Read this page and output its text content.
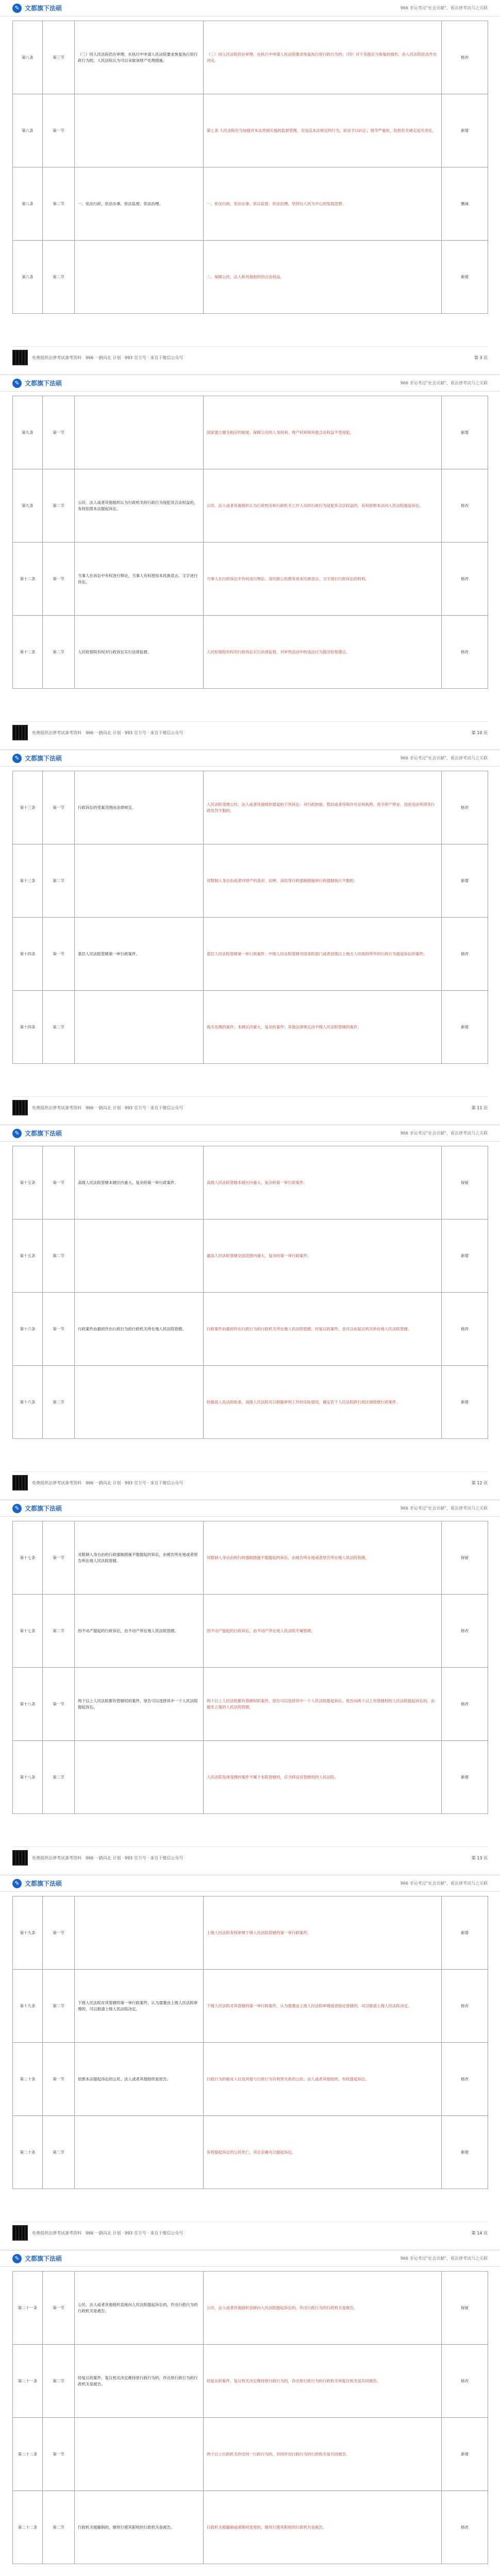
✎ 文都旗下法硕	966 幸运考过"社会贡献"，看法律考试与之关联
第八条	第三节	（三）因人民法院仍在审理，在执行中申请人民法院要求恢复执行原行政行为的，人民法院认为可以采取该财产处理措施。	（三）因人民法院仍在审理，在执行中申请人民法院要求恢复执行原行政行为的；（四）对于其他应当恢复的情形，由人民法院依法作出决定。	修改
第八条	第一节		第七条 人民法院应当加强对本法贯彻实施的监督管理，对违反本法规定的行为，依法予以纠正；情节严重的，依照有关规定追究责任。	新增
第八条	第二节	一、依法行政，依法办事，依法监督，依法治理。	一、依法行政、依法办事、依法监督、依法治理，坚持以人民为中心的发展思想。	删减
第八条	第二节		二、保障公民、法人和其他组织的合法权益。	新增
免费提供法律考试备考资料 966 一路向北 计划 · 993 官方号 · 来自于微信公众号	第 3 页
✎ 文都旗下法硕	966 幸运考过"社会贡献"，看法律考试与之关联
第九条	第一节		国家建立健全相应的制度，保障公民的人身权利、财产权利和其他合法权益不受侵犯。	新增
第九条	第二节	公民、法人或者其他组织认为行政机关的行政行为侵犯其合法权益的，有权依照本法提起诉讼。	公民、法人或者其他组织认为行政机关和行政机关工作人员的行政行为侵犯其合法权益的，有权依照本法向人民法院提起诉讼。	修改
第十二条	第一节	当事人在诉讼中有权进行辩论，当事人有权使用本民族语言、文字进行诉讼。	当事人在行政诉讼中有权进行辩论。各民族公民都有用本民族语言、文字进行行政诉讼的权利。	修改
第十二条	第二节	人民检察院有权对行政诉讼实行法律监督。	人民检察院有权对行政诉讼实行法律监督，对审判活动中的违法行为提出检察建议。	修改
免费提供法律考试备考资料 966 一路向北 计划 · 993 官方号 · 来自于微信公众号	第 10 页
✎ 文都旗下法硕	966 幸运考过"社会贡献"，看法律考试与之关联
第十三条	第一节	行政诉讼的受案范围由法律规定。	人民法院受理公民、法人或者其他组织提起的下列诉讼：对行政拘留、暂扣或者吊销许可证和执照、责令停产停业、没收违法所得等行政处罚不服的。	修改
第十三条	第二节		对限制人身自由或者对财产的查封、扣押、冻结等行政强制措施和行政强制执行不服的。	新增
第十四条	第一节	基层人民法院管辖第一审行政案件。	基层人民法院管辖第一审行政案件；中级人民法院管辖对国务院部门或者县级以上地方人民政府所作的行政行为提起诉讼的案件。	修改
第十四条	第二节		海关处理的案件；本辖区内重大、复杂的案件；其他法律规定由中级人民法院管辖的案件。	新增
免费提供法律考试备考资料 966 一路向北 计划 · 993 官方号 · 来自于微信公众号	第 11 页
✎ 文都旗下法硕	966 幸运考过"社会贡献"，看法律考试与之关联
第十五条	第一节	高级人民法院管辖本辖区内重大、复杂的第一审行政案件。	高级人民法院管辖本辖区内重大、复杂的第一审行政案件。	保留
第十五条	第二节		最高人民法院管辖全国范围内重大、复杂的第一审行政案件。	新增
第十六条	第一节	行政案件由最初作出行政行为的行政机关所在地人民法院管辖。	行政案件由最初作出行政行为的行政机关所在地人民法院管辖。经复议的案件，也可以由复议机关所在地人民法院管辖。	修改
第十六条	第二节		经最高人民法院批准，高级人民法院可以根据审判工作的实际情况，确定若干人民法院跨行政区域管辖行政案件。	新增
免费提供法律考试备考资料 966 一路向北 计划 · 993 官方号 · 来自于微信公众号	第 12 页
✎ 文都旗下法硕	966 幸运考过"社会贡献"，看法律考试与之关联
第十七条	第一节	对限制人身自由的行政强制措施不服提起的诉讼，由被告所在地或者原告所在地人民法院管辖。	对限制人身自由的行政强制措施不服提起的诉讼，由被告所在地或者原告所在地人民法院管辖。	保留
第十七条	第二节	因不动产提起的行政诉讼，由不动产所在地人民法院管辖。	因不动产提起的行政诉讼，由不动产所在地人民法院专属管辖。	修改
第十八条	第一节	两个以上人民法院都有管辖权的案件，原告可以选择其中一个人民法院提起诉讼。	两个以上人民法院都有管辖权的案件，原告可以选择其中一个人民法院提起诉讼。原告向两个以上有管辖权的人民法院提起诉讼的，由最先立案的人民法院管辖。	修改
第十八条	第二节		人民法院发现受理的案件不属于本院管辖的，应当移送有管辖权的人民法院。	新增
免费提供法律考试备考资料 966 一路向北 计划 · 993 官方号 · 来自于微信公众号	第 13 页
✎ 文都旗下法硕	966 幸运考过"社会贡献"，看法律考试与之关联
第十九条	第一节		上级人民法院有权审理下级人民法院管辖的第一审行政案件。	新增
第十九条	第二节	下级人民法院对其管辖的第一审行政案件，认为需要由上级人民法院审理的，可以报请上级人民法院决定。	下级人民法院对其管辖的第一审行政案件，认为需要由上级人民法院审理或者指定管辖的，可以报请上级人民法院决定。	修改
第二十条	第一节	依照本法提起诉讼的公民、法人或者其他组织是原告。	行政行为的相对人以及其他与行政行为有利害关系的公民、法人或者其他组织，有权提起诉讼。	修改
第二十条	第二节		有权提起诉讼的公民死亡，其近亲属可以提起诉讼。	新增
免费提供法律考试备考资料 966 一路向北 计划 · 993 官方号 · 来自于微信公众号	第 14 页
✎ 文都旗下法硕	966 幸运考过"社会贡献"，看法律考试与之关联
第二十一条	第一节	公民、法人或者其他组织直接向人民法院提起诉讼的，作出行政行为的行政机关是被告。	公民、法人或者其他组织直接向人民法院提起诉讼的，作出行政行为的行政机关是被告。	保留
第二十一条	第二节	经复议的案件，复议机关决定维持原行政行为的，作出原行政行为的行政机关是被告。	经复议的案件，复议机关决定维持原行政行为的，作出原行政行为的行政机关和复议机关是共同被告。	修改
第二十二条	第一节		两个以上行政机关作出同一行政行为的，共同作出行政行为的行政机关是共同被告。	新增
第二十二条	第二节	行政机关被撤销的，继续行使其职权的行政机关是被告。	行政机关被撤销或者职权变更的，继续行使其职权的行政机关是被告。	修改
